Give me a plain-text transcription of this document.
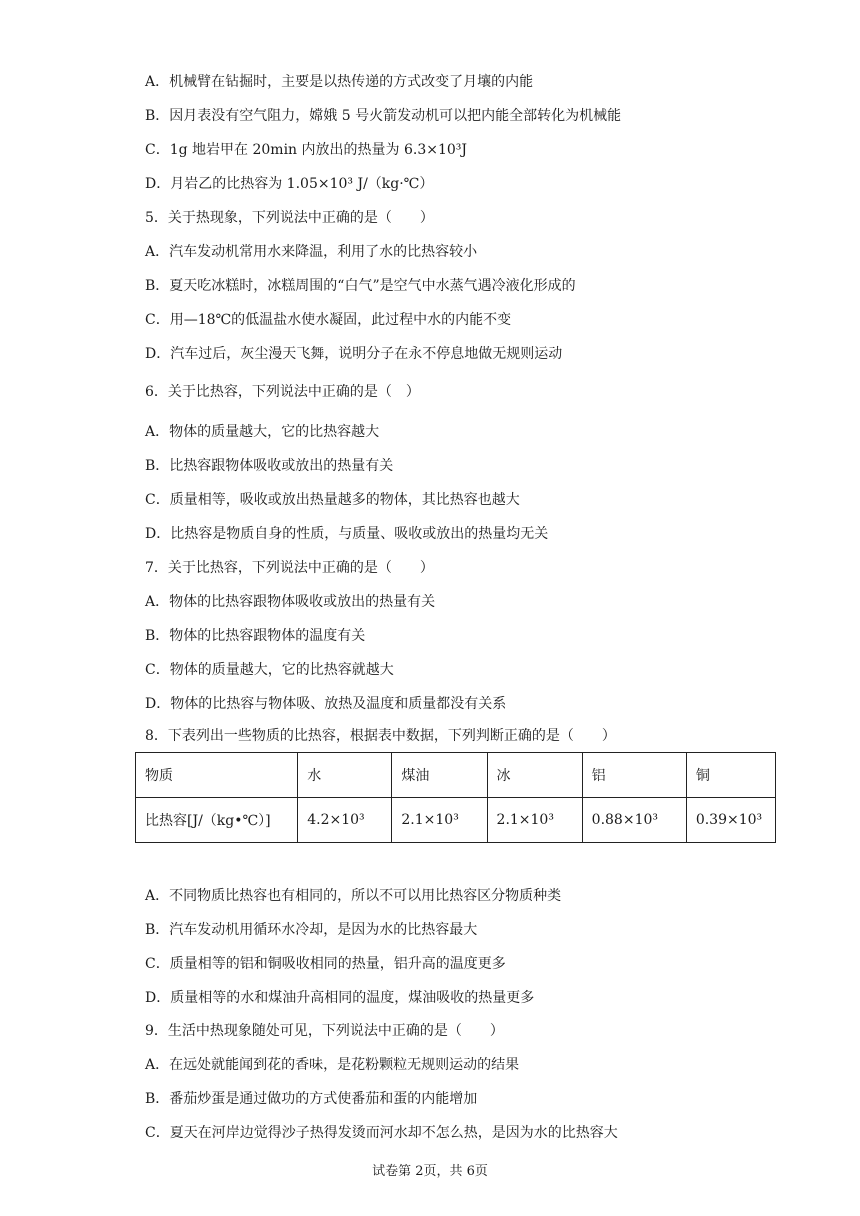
A．机械臂在钻掘时，主要是以热传递的方式改变了月壤的内能
B．因月表没有空气阻力，嫦娥 5 号火箭发动机可以把内能全部转化为机械能
C．1g 地岩甲在 20min 内放出的热量为 6.3×10³J
D．月岩乙的比热容为 1.05×10³ J/（kg·℃）
5．关于热现象，下列说法中正确的是（　　）
A．汽车发动机常用水来降温，利用了水的比热容较小
B．夏天吃冰糕时，冰糕周围的“白气”是空气中水蒸气遇冷液化形成的
C．用—18℃的低温盐水使水凝固，此过程中水的内能不变
D．汽车过后，灰尘漫天飞舞，说明分子在永不停息地做无规则运动
6．关于比热容，下列说法中正确的是（　）
A．物体的质量越大，它的比热容越大
B．比热容跟物体吸收或放出的热量有关
C．质量相等，吸收或放出热量越多的物体，其比热容也越大
D．比热容是物质自身的性质，与质量、吸收或放出的热量均无关
7．关于比热容，下列说法中正确的是（　　）
A．物体的比热容跟物体吸收或放出的热量有关
B．物体的比热容跟物体的温度有关
C．物体的质量越大，它的比热容就越大
D．物体的比热容与物体吸、放热及温度和质量都没有关系
8．下表列出一些物质的比热容，根据表中数据，下列判断正确的是（　　）
物质	水	煤油	冰	铝	铜
比热容[J/（kg•℃）]	4.2×10³	2.1×10³	2.1×10³	0.88×10³	0.39×10³
A．不同物质比热容也有相同的，所以不可以用比热容区分物质种类
B．汽车发动机用循环水冷却，是因为水的比热容最大
C．质量相等的铝和铜吸收相同的热量，铝升高的温度更多
D．质量相等的水和煤油升高相同的温度，煤油吸收的热量更多
9．生活中热现象随处可见，下列说法中正确的是（　　）
A．在远处就能闻到花的香味，是花粉颗粒无规则运动的结果
B．番茄炒蛋是通过做功的方式使番茄和蛋的内能增加
C．夏天在河岸边觉得沙子热得发烫而河水却不怎么热，是因为水的比热容大
试卷第 2页，共 6页
